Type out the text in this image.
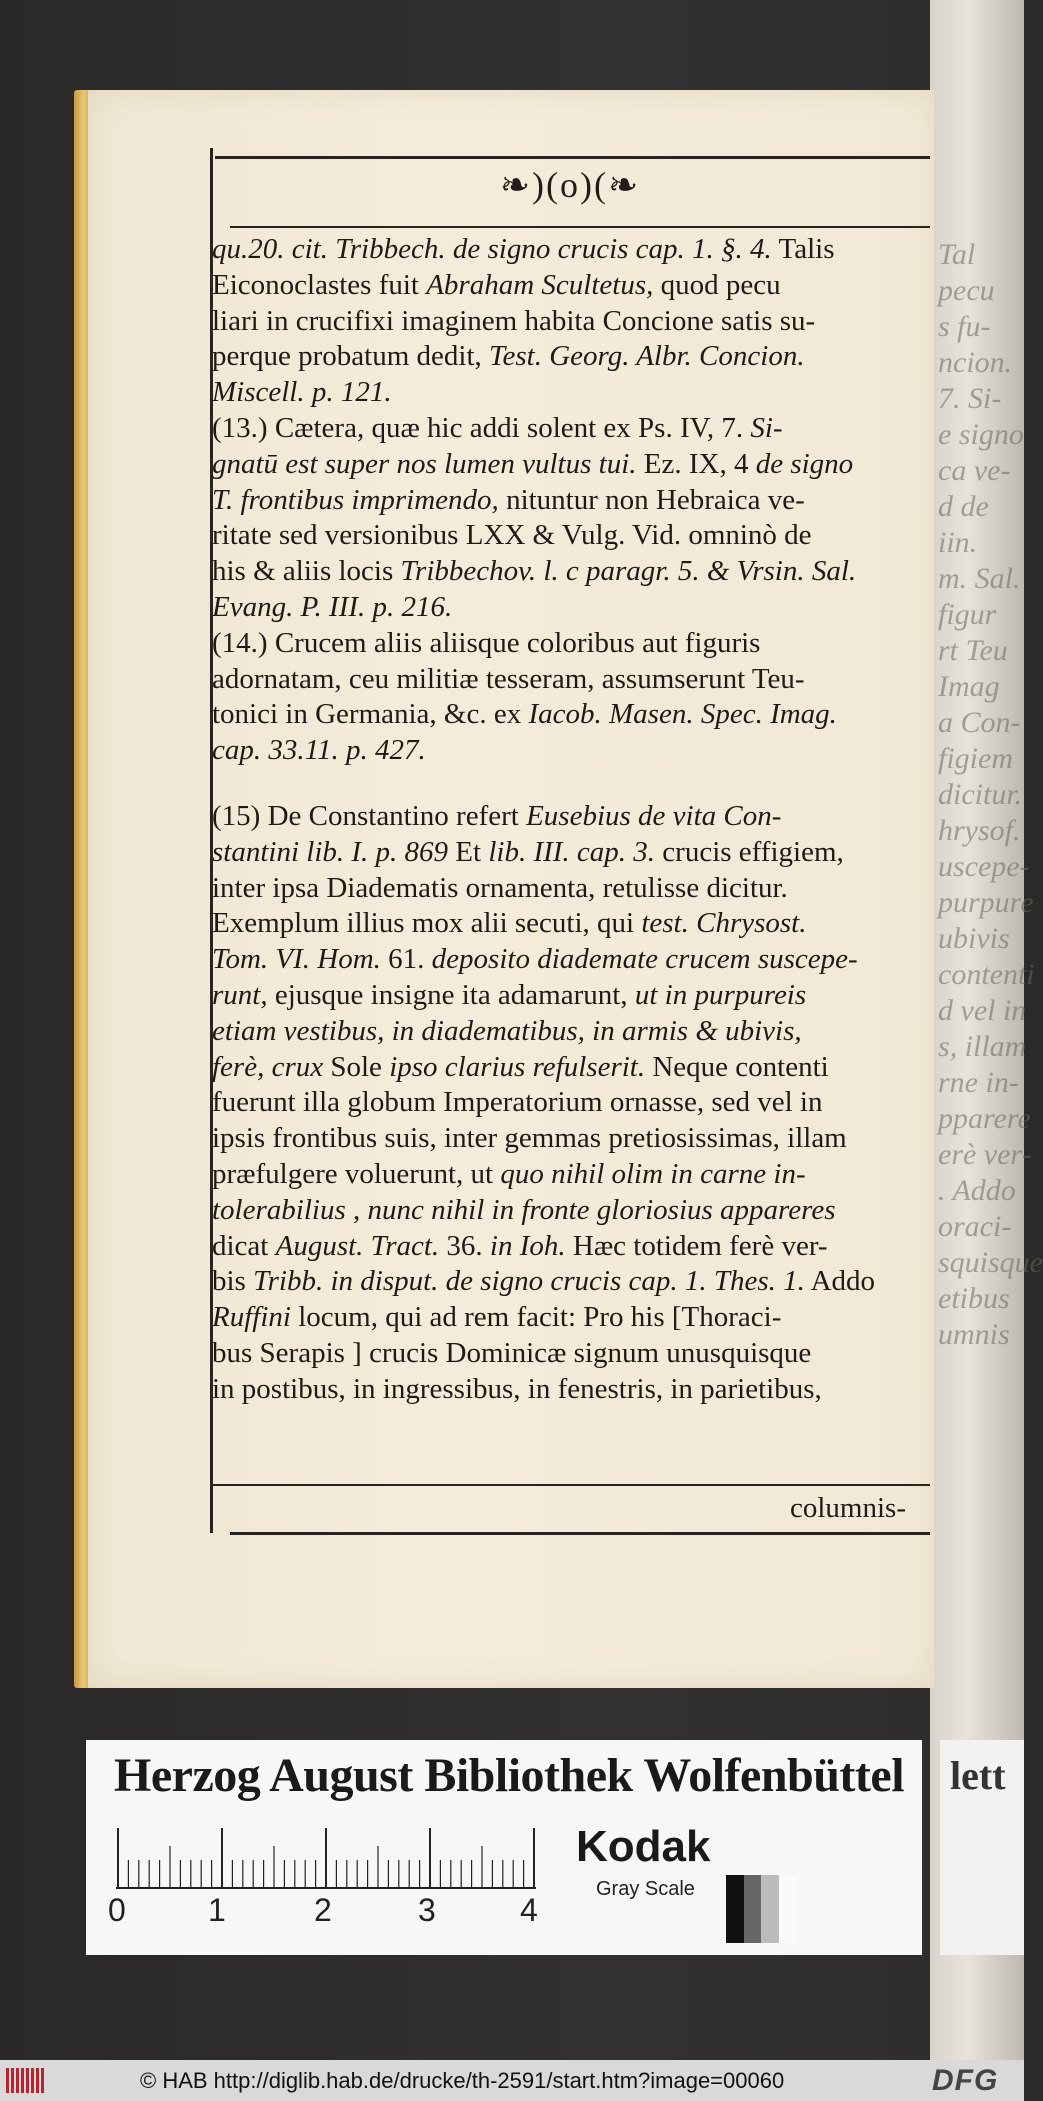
Tal
pecu
s fu-
ncion.
7. Si-
e signo
ca ve-
d de
iin.
m. Sal.
figur
rt Teu
Imag
a Con-
figiem
dicitur.
hrysof.
uscepe-
purpure
ubivis
contenti
d vel in
s, illam
rne in-
pparere
erè ver-
. Addo
oraci-
squisque
etibus
umnis
❧)(o)(❧
qu.20. cit. Tribbech. de signo crucis cap. 1. §. 4. Talis
Eiconoclastes fuit Abraham Scultetus, quod pecu
liari in crucifixi imaginem habita Concione satis su-
perque probatum dedit, Test. Georg. Albr. Concion.
Miscell. p. 121.
(13.) Cætera, quæ hic addi solent ex Ps. IV, 7. Si-
gnatū est super nos lumen vultus tui. Ez. IX, 4 de signo
T. frontibus imprimendo, nituntur non Hebraica ve-
ritate sed versionibus LXX & Vulg. Vid. omninò de
his & aliis locis Tribbechov. l. c paragr. 5. & Vrsin. Sal.
Evang. P. III. p. 216.
(14.) Crucem aliis aliisque coloribus aut figuris
adornatam, ceu militiæ tesseram, assumserunt Teu-
tonici in Germania, &c. ex Iacob. Masen. Spec. Imag.
cap. 33.11. p. 427.
(15) De Constantino refert Eusebius de vita Con-
stantini lib. I. p. 869 Et lib. III. cap. 3. crucis effigiem,
inter ipsa Diadematis ornamenta, retulisse dicitur.
Exemplum illius mox alii secuti, qui test. Chrysost.
Tom. VI. Hom. 61. deposito diademate crucem suscepe-
runt, ejusque insigne ita adamarunt, ut in purpureis
etiam vestibus, in diadematibus, in armis & ubivis,
ferè, crux Sole ipso clarius refulserit. Neque contenti
fuerunt illa globum Imperatorium ornasse, sed vel in
ipsis frontibus suis, inter gemmas pretiosissimas, illam
præfulgere voluerunt, ut quo nihil olim in carne in-
tolerabilius , nunc nihil in fronte gloriosius appareres
dicat August. Tract. 36. in Ioh. Hæc totidem ferè ver-
bis Tribb. in disput. de signo crucis cap. 1. Thes. 1. Addo
Ruffini locum, qui ad rem facit: Pro his [Thoraci-
bus Serapis ] crucis Dominicæ signum unusquisque
in postibus, in ingressibus, in fenestris, in parietibus,
columnis-
Herzog August Bibliothek Wolfenbüttel
0	1	2	3	4
Kodak
Gray Scale
lett
© HAB http://diglib.hab.de/drucke/th-2591/start.htm?image=00060	DFG
